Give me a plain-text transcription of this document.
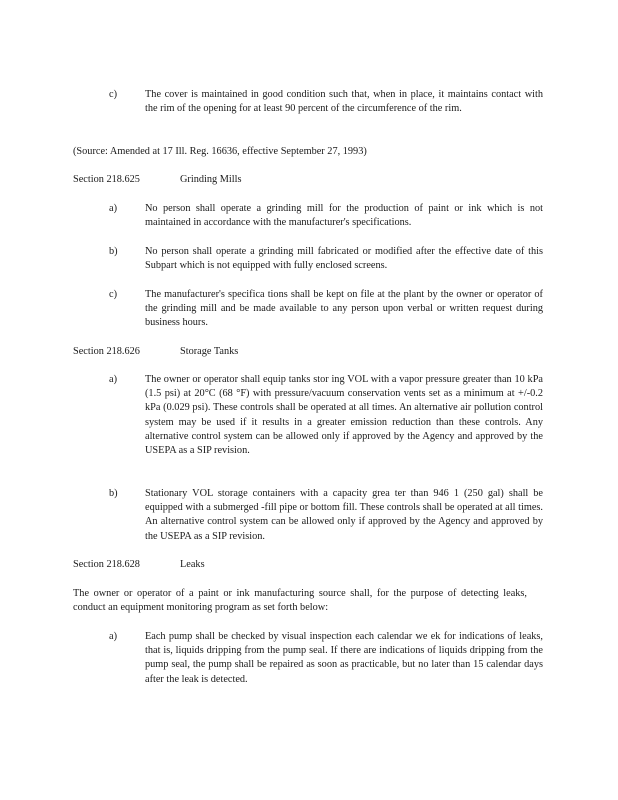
c)	The cover is maintained in good condition such that, when in place, it maintains contact with the rim of the opening for at least 90 percent of the circumference of the rim.
(Source: Amended at 17 Ill. Reg. 16636, effective September 27, 1993)
Section 218.625	Grinding Mills
a)	No person shall operate a grinding mill for the production of paint or ink which is not maintained in accordance with the manufacturer's specifications.
b)	No person shall operate a grinding mill fabricated or modified after the effective date of this Subpart which is not equipped with fully enclosed screens.
c)	The manufacturer's specifica tions shall be kept on file at the plant by the owner or operator of the grinding mill and be made available to any person upon verbal or written request during business hours.
Section 218.626	Storage Tanks
a)	The owner or operator shall equip tanks stor ing VOL with a vapor pressure greater than 10 kPa (1.5 psi) at 20°C (68 °F) with pressure/vacuum conservation vents set as a minimum at +/-0.2 kPa (0.029 psi). These controls shall be operated at all times. An alternative air pollution control system may be used if it results in a greater emission reduction than these controls. Any alternative control system can be allowed only if approved by the Agency and approved by the USEPA as a SIP revision.
b)	Stationary VOL storage containers with a capacity grea ter than 946 1 (250 gal) shall be equipped with a submerged -fill pipe or bottom fill. These controls shall be operated at all times. An alternative control system can be allowed only if approved by the Agency and approved by the USEPA as a SIP revision.
Section 218.628	Leaks
The owner or operator of a paint or ink manufacturing source shall, for the purpose of detecting leaks, conduct an equipment monitoring program as set forth below:
a)	Each pump shall be checked by visual inspection each calendar we ek for indications of leaks, that is, liquids dripping from the pump seal. If there are indications of liquids dripping from the pump seal, the pump shall be repaired as soon as practicable, but no later than 15 calendar days after the leak is detected.
